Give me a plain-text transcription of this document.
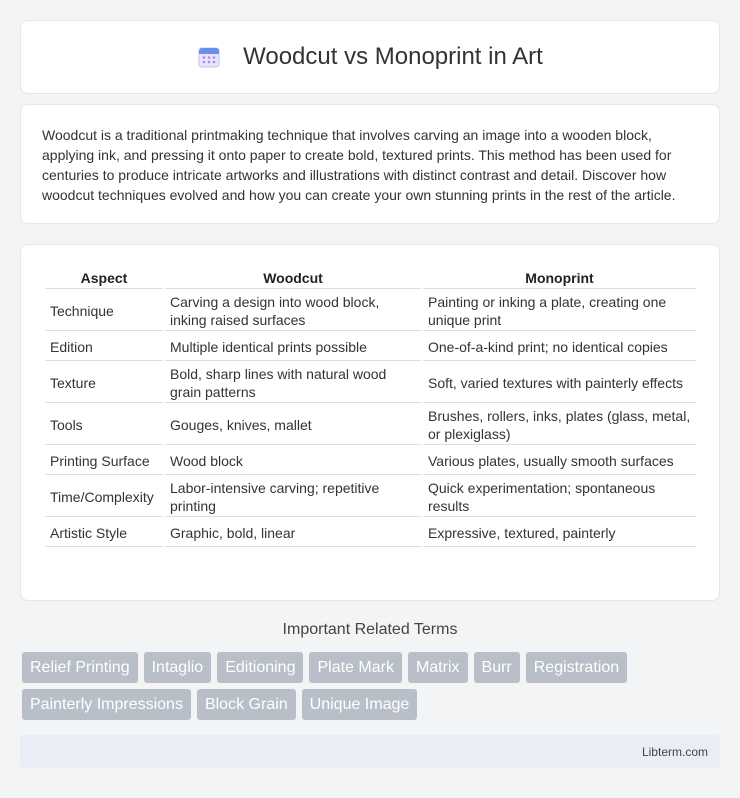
Woodcut vs Monoprint in Art

Woodcut is a traditional printmaking technique that involves carving an image into a wooden block, applying ink, and pressing it onto paper to create bold, textured prints. This method has been used for centuries to produce intricate artworks and illustrations with distinct contrast and detail. Discover how woodcut techniques evolved and how you can create your own stunning prints in the rest of the article.

Aspect	Woodcut	Monoprint
Technique	Carving a design into wood block, inking raised surfaces	Painting or inking a plate, creating one unique print
Edition	Multiple identical prints possible	One-of-a-kind print; no identical copies
Texture	Bold, sharp lines with natural wood grain patterns	Soft, varied textures with painterly effects
Tools	Gouges, knives, mallet	Brushes, rollers, inks, plates (glass, metal, or plexiglass)
Printing Surface	Wood block	Various plates, usually smooth surfaces
Time/Complexity	Labor-intensive carving; repetitive printing	Quick experimentation; spontaneous results
Artistic Style	Graphic, bold, linear	Expressive, textured, painterly
Important Related Terms
Relief Printing	Intaglio	Editioning	Plate Mark	Matrix	Burr	Registration
Painterly Impressions	Block Grain	Unique Image
Libterm.com
